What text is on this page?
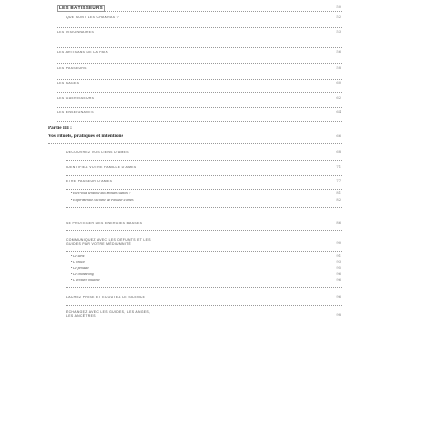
LES BÂTISSEURS	50
QUE SONT LES CHAKRAS ?	52
LES VISIONNAIRES	53
LES ARTISANS DE LA PAIX	56
LES PASSEURS	58
LES SAGES	60
LES GUÉRISSEURS	62
LES ENSEIGNANTS	64
Partie III :
Vos rituels, pratiques et intentions	66
DÉCOUVREZ VOS LIENS D'ÂMES	68
IDENTIFIEZ VOTRE FAMILLE D'ÂMES	71
ÊTRE PASSEUR D'ÂMES	77
• Êtes-vous sensible aux mondes subtils ?	81
• Expérimentez l'activité de Passeur d'âmes	82
SE PROTÉGER DES ÉNERGIES BASSES	86
COMMUNIQUEZ AVEC LES DÉFUNTS ET LES GUIDES PAR VOTRE MÉDIUMNITÉ	90
• Le tarot	91
• L'oracle	93
• Le pendule	95
• Le channeling	96
• L'écriture intuitive	96
LÂCHEZ PRISE ET ÉCOUTEZ LE SILENCE	96
ÉCHANGEZ AVEC LES GUIDES, LES ANGES, LES ANCÊTRES	98
